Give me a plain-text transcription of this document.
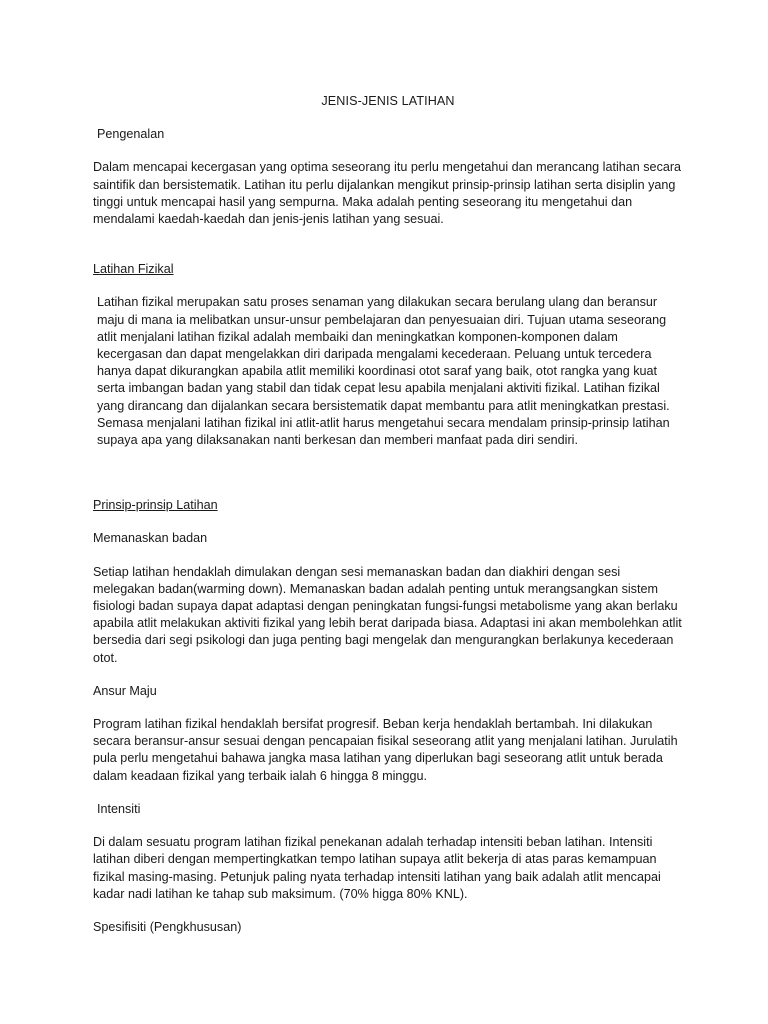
JENIS-JENIS LATIHAN

Pengenalan

Dalam mencapai kecergasan yang optima seseorang itu perlu mengetahui dan merancang latihan secara saintifik dan bersistematik. Latihan itu perlu dijalankan mengikut prinsip-prinsip latihan serta disiplin yang tinggi untuk mencapai hasil yang sempurna. Maka adalah penting seseorang itu mengetahui dan mendalami kaedah-kaedah dan jenis-jenis latihan yang sesuai.

Latihan Fizikal

Latihan fizikal merupakan satu proses senaman yang dilakukan secara berulang ulang dan beransur maju di mana ia melibatkan unsur-unsur pembelajaran dan penyesuaian diri. Tujuan utama seseorang atlit menjalani latihan fizikal adalah membaiki dan meningkatkan komponen-komponen dalam kecergasan dan dapat mengelakkan diri daripada mengalami kecederaan. Peluang untuk tercedera hanya dapat dikurangkan apabila atlit memiliki koordinasi otot saraf yang baik, otot rangka yang kuat serta imbangan badan yang stabil dan tidak cepat lesu apabila menjalani aktiviti fizikal. Latihan fizikal yang dirancang dan dijalankan secara bersistematik dapat membantu para atlit meningkatkan prestasi. Semasa menjalani latihan fizikal ini atlit-atlit harus mengetahui secara mendalam prinsip-prinsip latihan supaya apa yang dilaksanakan nanti berkesan dan memberi manfaat pada diri sendiri.

Prinsip-prinsip Latihan

Memanaskan badan

Setiap latihan hendaklah dimulakan dengan sesi memanaskan badan dan diakhiri dengan sesi melegakan badan(warming down). Memanaskan badan adalah penting untuk merangsangkan sistem fisiologi badan supaya dapat adaptasi dengan peningkatan fungsi-fungsi metabolisme yang akan berlaku apabila atlit melakukan aktiviti fizikal yang lebih berat daripada biasa. Adaptasi ini akan membolehkan atlit bersedia dari segi psikologi dan juga penting bagi mengelak dan mengurangkan berlakunya kecederaan otot.

Ansur Maju

Program latihan fizikal hendaklah bersifat progresif. Beban kerja hendaklah bertambah. Ini dilakukan secara beransur-ansur sesuai dengan pencapaian fisikal seseorang atlit yang menjalani latihan. Jurulatih pula perlu mengetahui bahawa jangka masa latihan yang diperlukan bagi seseorang atlit untuk berada dalam keadaan fizikal yang terbaik ialah 6 hingga 8 minggu.

Intensiti

Di dalam sesuatu program latihan fizikal penekanan adalah terhadap intensiti beban latihan. Intensiti latihan diberi dengan mempertingkatkan tempo latihan supaya atlit bekerja di atas paras kemampuan fizikal masing-masing. Petunjuk paling nyata terhadap intensiti latihan yang baik adalah atlit mencapai kadar nadi latihan ke tahap sub maksimum. (70% higga 80% KNL).

Spesifisiti (Pengkhususan)
